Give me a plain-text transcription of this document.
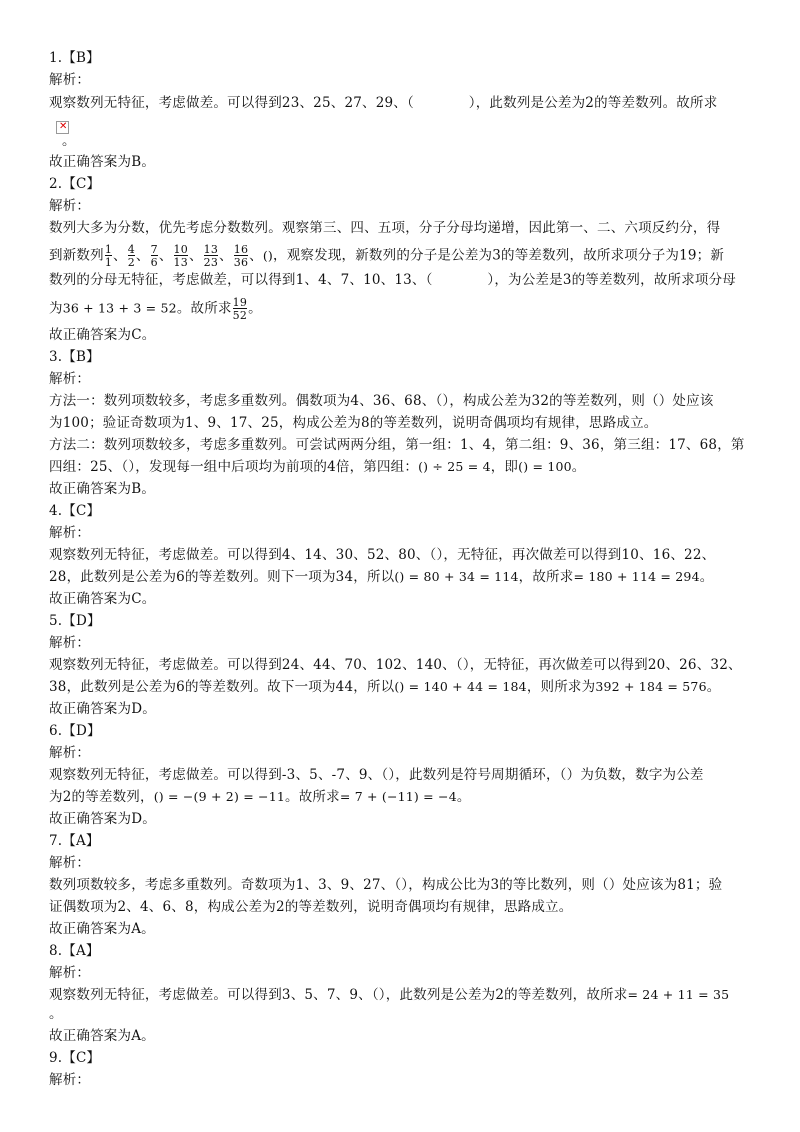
1.【B】
解析：
观察数列无特征，考虑做差。可以得到23、25、27、29、（　　　　），此数列是公差为2的等差数列。故所求
✕
。
故正确答案为B。
2.【C】
解析：
数列大多为分数，优先考虑分数数列。观察第三、四、五项，分子分母均递增，因此第一、二、六项反约分，得
到新数列 $\frac{1}{1}$ 、 $\frac{4}{2}$ 、 $\frac{7}{6}$ 、 $\frac{10}{13}$ 、 $\frac{13}{23}$ 、 $\frac{16}{36}$ 、()，观察发现，新数列的分子是公差为3的等差数列，故所求项分子为19；新
数列的分母无特征，考虑做差，可以得到1、4、7、10、13、（　　　　），为公差是3的等差数列，故所求项分母
为36 + 13 + 3 = 52。故所求 $\frac{19}{52}$ 。
故正确答案为C。
3.【B】
解析：
方法一：数列项数较多，考虑多重数列。偶数项为4、36、68、（），构成公差为32的等差数列，则（）处应该
为100；验证奇数项为1、9、17、25，构成公差为8的等差数列，说明奇偶项均有规律，思路成立。
方法二：数列项数较多，考虑多重数列。可尝试两两分组，第一组：1、4，第二组：9、36，第三组：17、68，第
四组：25、（），发现每一组中后项均为前项的4倍，第四组：() ÷ 25 = 4，即() = 100。
故正确答案为B。
4.【C】
解析：
观察数列无特征，考虑做差。可以得到4、14、30、52、80、（），无特征，再次做差可以得到10、16、22、
28，此数列是公差为6的等差数列。则下一项为34，所以() = 80 + 34 = 114，故所求= 180 + 114 = 294。
故正确答案为C。
5.【D】
解析：
观察数列无特征，考虑做差。可以得到24、44、70、102、140、（），无特征，再次做差可以得到20、26、32、
38，此数列是公差为6的等差数列。故下一项为44，所以() = 140 + 44 = 184，则所求为392 + 184 = 576。
故正确答案为D。
6.【D】
解析：
观察数列无特征，考虑做差。可以得到-3、5、-7、9、（），此数列是符号周期循环，（）为负数，数字为公差
为2的等差数列，() = −(9 + 2) = −11。故所求= 7 + (−11) = −4。
故正确答案为D。
7.【A】
解析：
数列项数较多，考虑多重数列。奇数项为1、3、9、27、（），构成公比为3的等比数列，则（）处应该为81；验
证偶数项为2、4、6、8，构成公差为2的等差数列，说明奇偶项均有规律，思路成立。
故正确答案为A。
8.【A】
解析：
观察数列无特征，考虑做差。可以得到3、5、7、9、（），此数列是公差为2的等差数列，故所求= 24 + 11 = 35
。
故正确答案为A。
9.【C】
解析：
